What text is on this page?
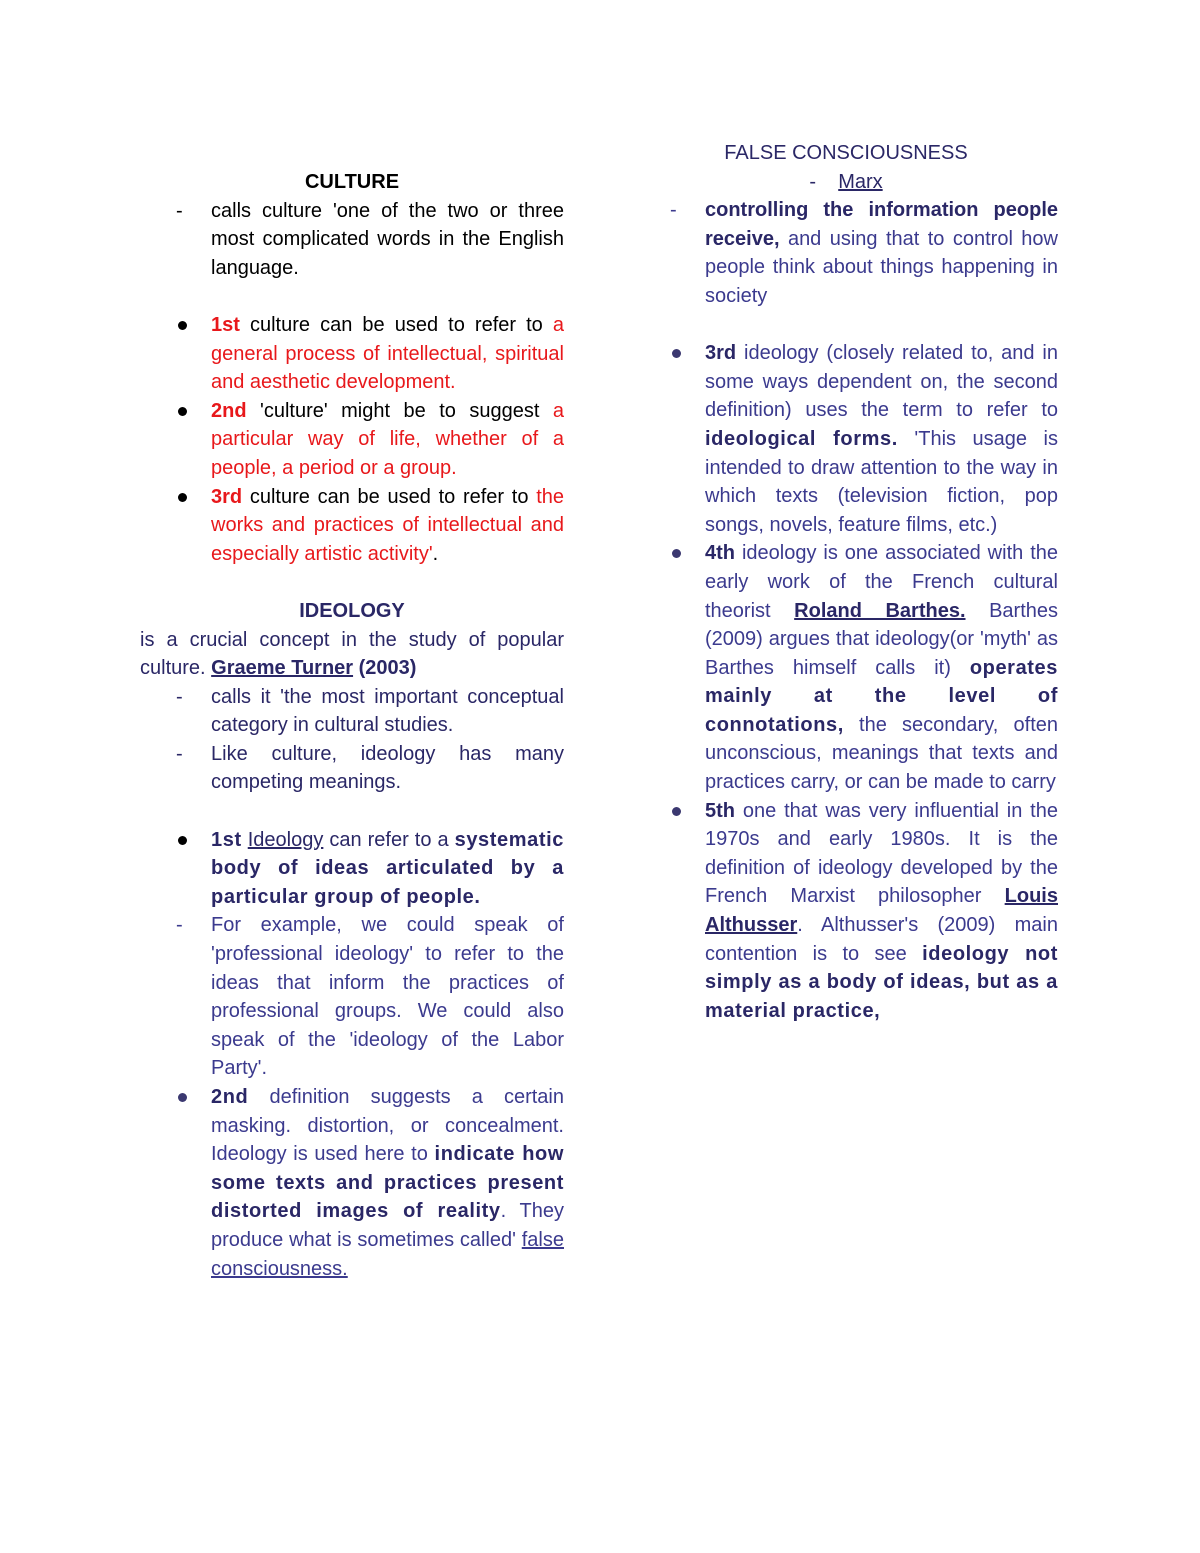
CULTURE
- calls culture 'one of the two or three most complicated words in the English language.
1st culture can be used to refer to a general process of intellectual, spiritual and aesthetic development.
2nd 'culture' might be to suggest a particular way of life, whether of a people, a period or a group.
3rd culture can be used to refer to the works and practices of intellectual and especially artistic activity'.
IDEOLOGY
is a crucial concept in the study of popular culture. Graeme Turner (2003)
- calls it 'the most important conceptual category in cultural studies.
- Like culture, ideology has many competing meanings.
1st Ideology can refer to a systematic body of ideas articulated by a particular group of people.
- For example, we could speak of 'professional ideology' to refer to the ideas that inform the practices of professional groups. We could also speak of the 'ideology of the Labor Party'.
2nd definition suggests a certain masking. distortion, or concealment. Ideology is used here to indicate how some texts and practices present distorted images of reality. They produce what is sometimes called' false consciousness.
FALSE CONSCIOUSNESS
- Marx
- controlling the information people receive, and using that to control how people think about things happening in society
3rd ideology (closely related to, and in some ways dependent on, the second definition) uses the term to refer to ideological forms. 'This usage is intended to draw attention to the way in which texts (television fiction, pop songs, novels, feature films, etc.)
4th ideology is one associated with the early work of the French cultural theorist Roland Barthes. Barthes (2009) argues that ideology(or 'myth' as Barthes himself calls it) operates mainly at the level of connotations, the secondary, often unconscious, meanings that texts and practices carry, or can be made to carry
5th one that was very influential in the 1970s and early 1980s. It is the definition of ideology developed by the French Marxist philosopher Louis Althusser. Althusser's (2009) main contention is to see ideology not simply as a body of ideas, but as a material practice,
